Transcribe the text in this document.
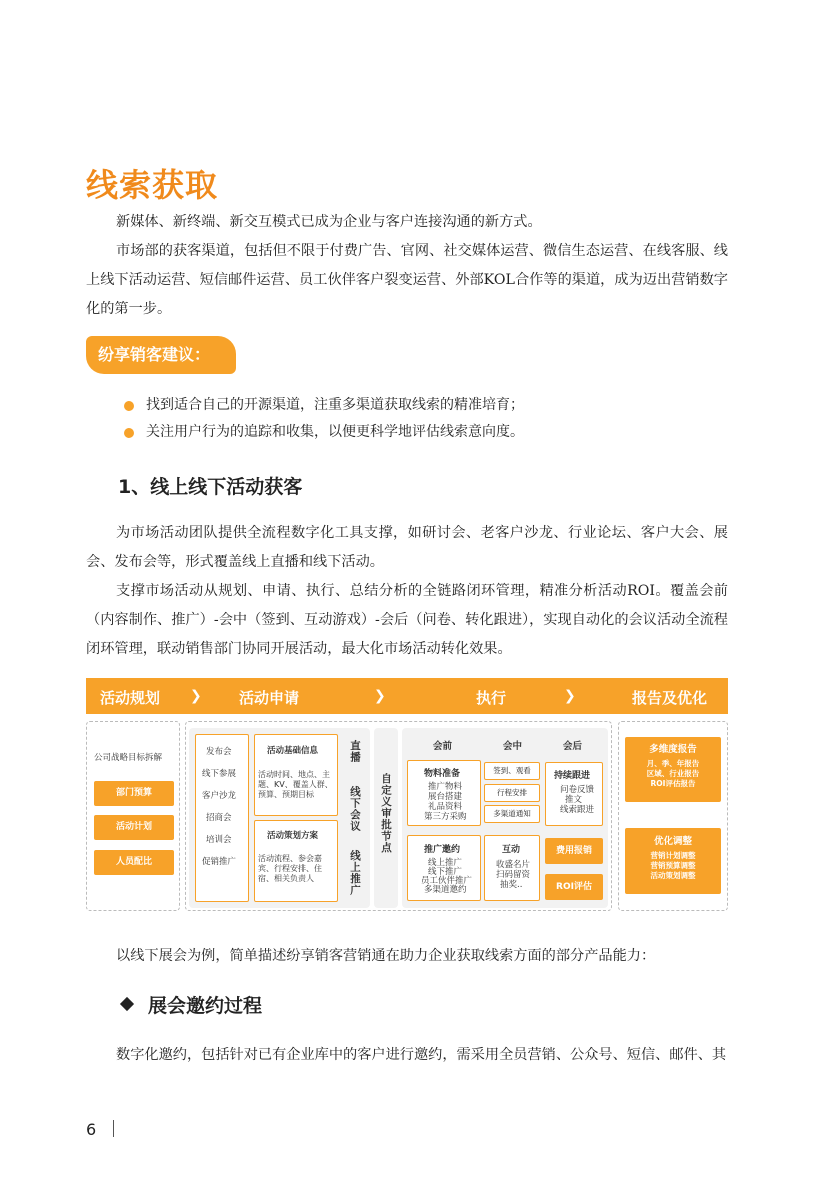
线索获取
新媒体、新终端、新交互模式已成为企业与客户连接沟通的新方式。
市场部的获客渠道，包括但不限于付费广告、官网、社交媒体运营、微信生态运营、在线客服、线上线下活动运营、短信邮件运营、员工伙伴客户裂变运营、外部KOL合作等的渠道，成为迈出营销数字化的第一步。
纷享销客建议：
找到适合自己的开源渠道，注重多渠道获取线索的精准培育；
关注用户行为的追踪和收集，以便更科学地评估线索意向度。
1、线上线下活动获客
为市场活动团队提供全流程数字化工具支撑，如研讨会、老客户沙龙、行业论坛、客户大会、展会、发布会等，形式覆盖线上直播和线下活动。
支撑市场活动从规划、申请、执行、总结分析的全链路闭环管理，精准分析活动ROI。覆盖会前（内容制作、推广）-会中（签到、互动游戏）-会后（问卷、转化跟进），实现自动化的会议活动全流程闭环管理，联动销售部门协同开展活动，最大化市场活动转化效果。
活动规划 ❯ 活动申请	❯	执行	❯	报告及优化
公司战略目标拆解
部门预算
活动计划
人员配比
发布会
线下参展
客户沙龙
招商会
培训会
促销推广
活动基础信息
活动时间、地点、主
题、KV、覆盖人群、
预算、预期目标
活动策划方案
活动流程、参会嘉
宾、行程安排、住
宿、相关负责人
直播
线下会议
线上推广
自定义审批节点
会前	会中	会后
物料准备
推广物料
展台搭建
礼品资料
第三方采购
推广邀约
线上推广
线下推广
员工伙伴推广
多渠道邀约
签到、观看
行程安排
多渠道通知
互动
收盛名片
扫码留资
抽奖..
持续跟进
问卷反馈
推文
线索跟进
费用报销
ROI评估
多维度报告
月、季、年报告
区域、行业报告
ROI评估报告
优化调整
营销计划调整
营销预算调整
活动策划调整
以线下展会为例，简单描述纷享销客营销通在助力企业获取线索方面的部分产品能力：
展会邀约过程
数字化邀约，包括针对已有企业库中的客户进行邀约，需采用全员营销、公众号、短信、邮件、其
6
